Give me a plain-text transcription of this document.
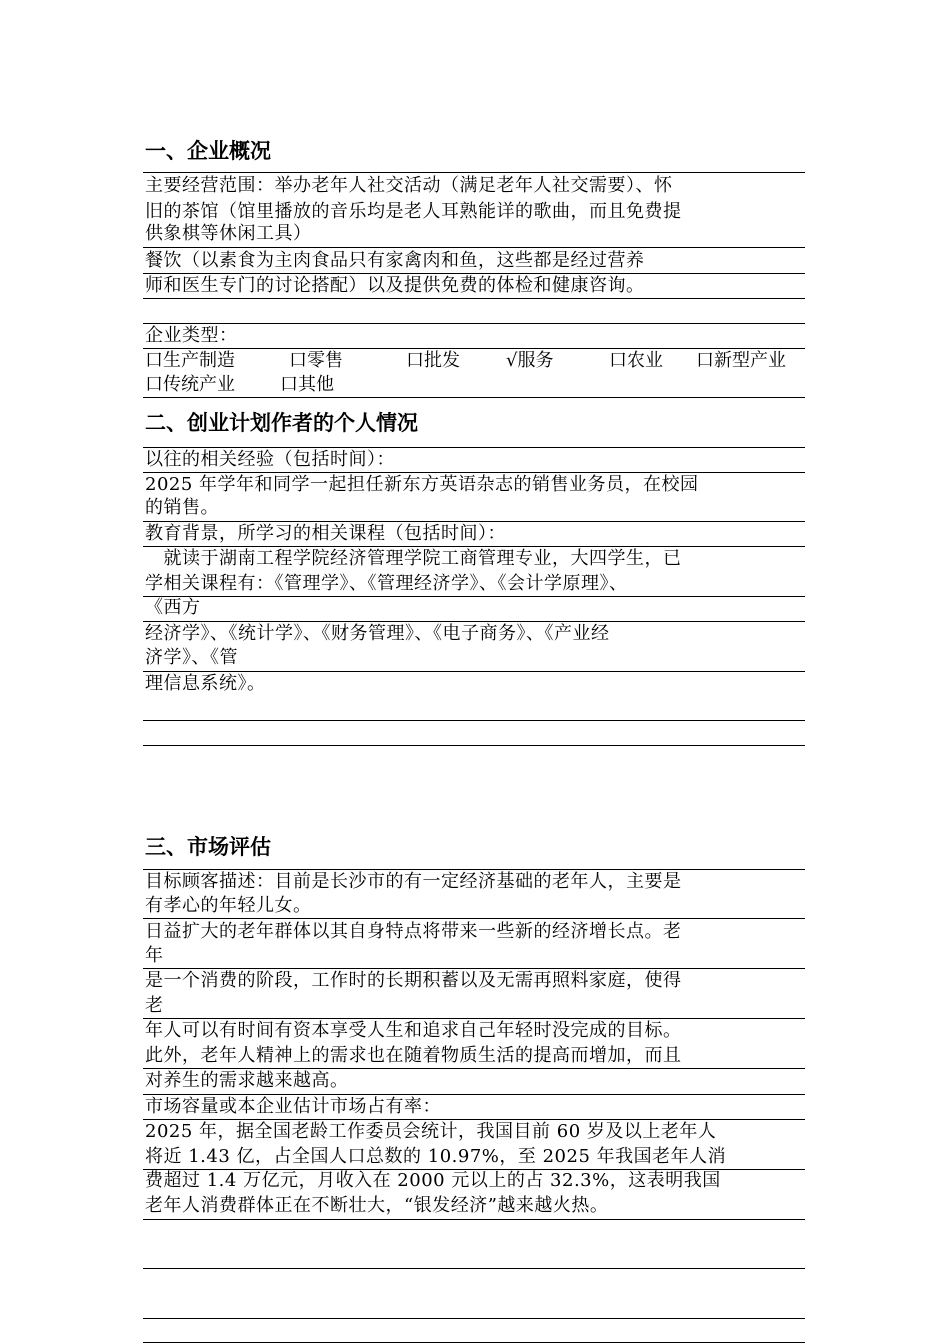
一、企业概况
主要经营范围：举办老年人社交活动（满足老年人社交需要）、怀
旧的茶馆（馆里播放的音乐均是老人耳熟能详的歌曲，而且免费提
供象棋等休闲工具）
餐饮（以素食为主肉食品只有家禽肉和鱼，这些都是经过营养
师和医生专门的讨论搭配）以及提供免费的体检和健康咨询。
企业类型：
口生产制造	口零售	口批发	√服务	口农业 口新型产业
口传统产业	口其他
二、创业计划作者的个人情况
以往的相关经验（包括时间）：
2025 年学年和同学一起担任新东方英语杂志的销售业务员，在校园
的销售。
教育背景，所学习的相关课程（包括时间）：
　就读于湖南工程学院经济管理学院工商管理专业，大四学生，已
学相关课程有：《管理学》、《管理经济学》、《会计学原理》、
《西方
经济学》、《统计学》、《财务管理》、《电子商务》、《产业经
济学》、《管
理信息系统》。
三、市场评估
目标顾客描述：目前是长沙市的有一定经济基础的老年人，主要是
有孝心的年轻儿女。
日益扩大的老年群体以其自身特点将带来一些新的经济增长点。老
年
是一个消费的阶段，工作时的长期积蓄以及无需再照料家庭，使得
老
年人可以有时间有资本享受人生和追求自己年轻时没完成的目标。
此外，老年人精神上的需求也在随着物质生活的提高而增加，而且
对养生的需求越来越高。
市场容量或本企业估计市场占有率：
2025 年，据全国老龄工作委员会统计，我国目前 60 岁及以上老年人
将近 1.43 亿，占全国人口总数的 10.97%，至 2025 年我国老年人消
费超过 1.4 万亿元，月收入在 2000 元以上的占 32.3%，这表明我国
老年人消费群体正在不断壮大，“银发经济”越来越火热。
